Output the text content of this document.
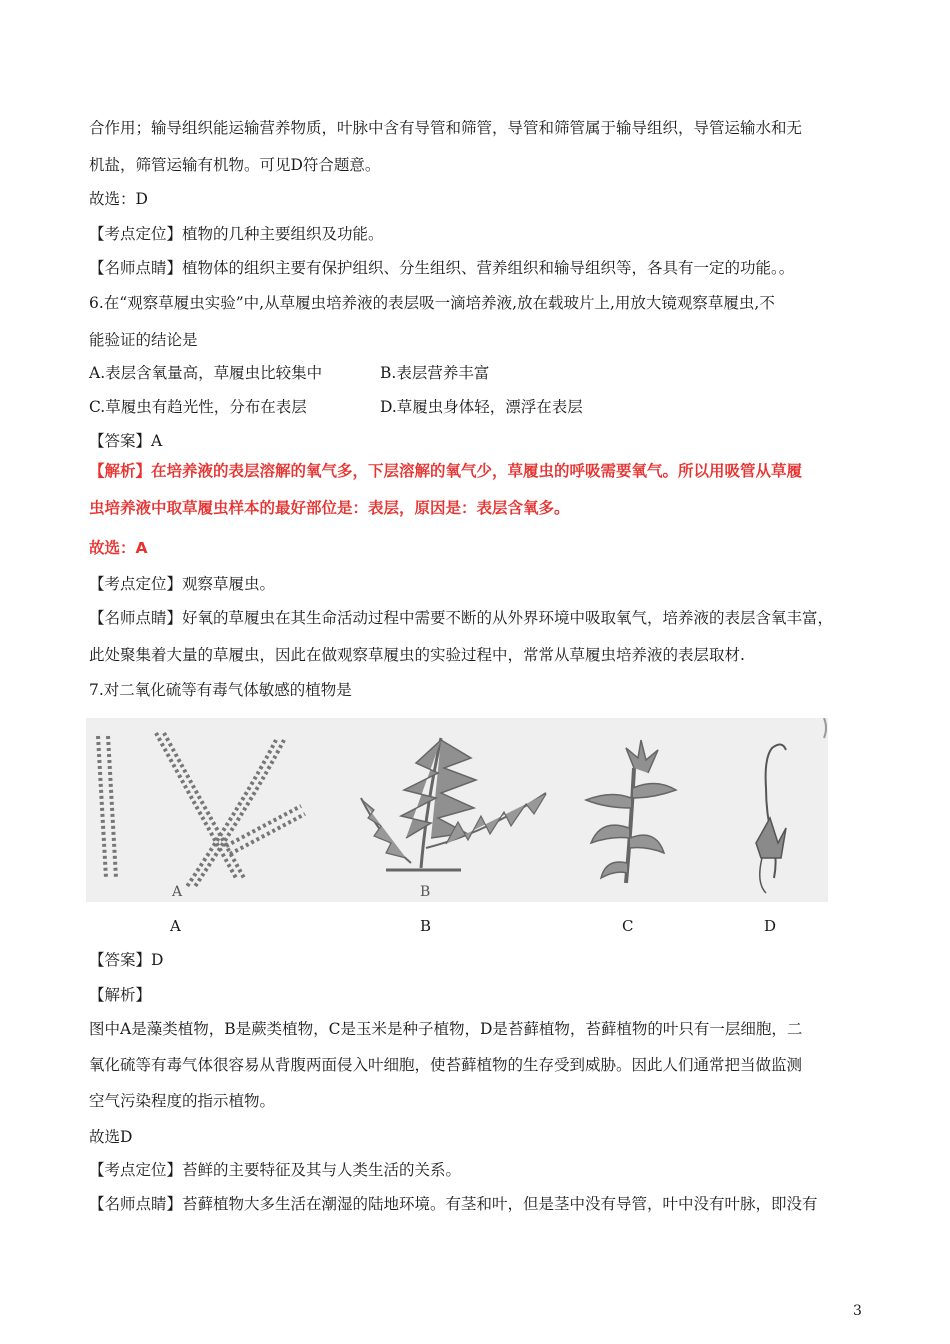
合作用；输导组织能运输营养物质，叶脉中含有导管和筛管，导管和筛管属于输导组织，导管运输水和无
机盐，筛管运输有机物。可见D符合题意。
故选：D
【考点定位】植物的几种主要组织及功能。
【名师点睛】植物体的组织主要有保护组织、分生组织、营养组织和输导组织等，各具有一定的功能。。
6.在“观察草履虫实验”中,从草履虫培养液的表层吸一滴培养液,放在载玻片上,用放大镜观察草履虫,不
能验证的结论是
A.表层含氧量高，草履虫比较集中	B.表层营养丰富
C.草履虫有趋光性，分布在表层	D.草履虫身体轻，漂浮在表层
【答案】A
【解析】在培养液的表层溶解的氧气多，下层溶解的氧气少，草履虫的呼吸需要氧气。所以用吸管从草履
虫培养液中取草履虫样本的最好部位是：表层，原因是：表层含氧多。
故选：A
【考点定位】观察草履虫。
【名师点睛】好氧的草履虫在其生命活动过程中需要不断的从外界环境中吸取氧气，培养液的表层含氧丰富，
此处聚集着大量的草履虫，因此在做观察草履虫的实验过程中，常常从草履虫培养液的表层取材.
7.对二氧化硫等有毒气体敏感的植物是
A	B
A	B	C	D
【答案】D
【解析】
图中A是藻类植物，B是蕨类植物，C是玉米是种子植物，D是苔藓植物，苔藓植物的叶只有一层细胞，二
氧化硫等有毒气体很容易从背腹两面侵入叶细胞，使苔藓植物的生存受到威胁。因此人们通常把当做监测
空气污染程度的指示植物。
故选D
【考点定位】苔鲜的主要特征及其与人类生活的关系。
【名师点睛】苔藓植物大多生活在潮湿的陆地环境。有茎和叶，但是茎中没有导管，叶中没有叶脉，即没有
3
